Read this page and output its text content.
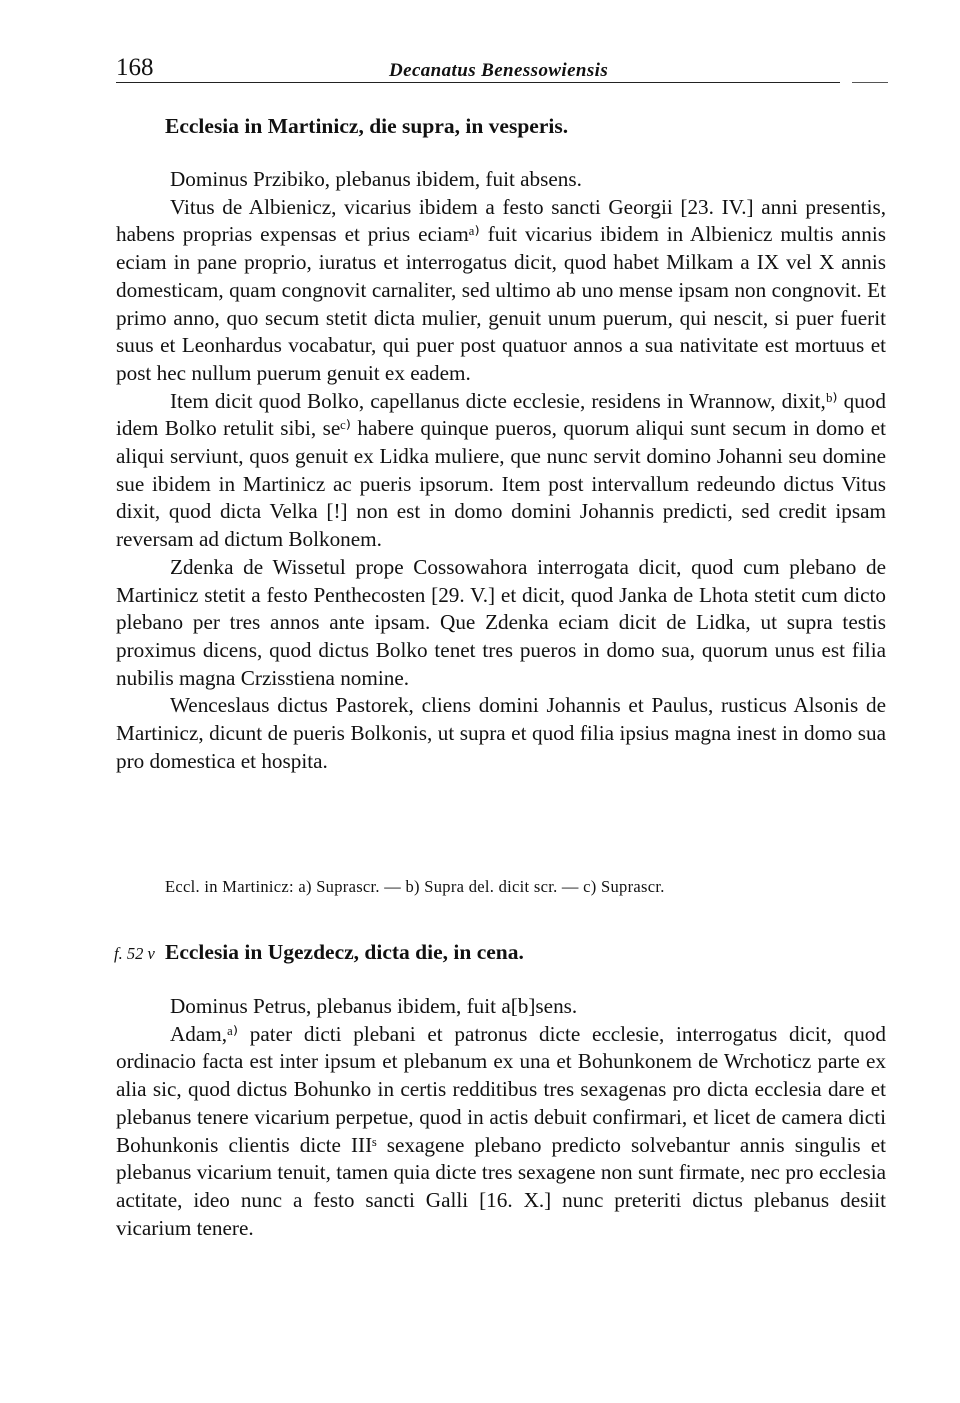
168	Decanatus Benessowiensis
Ecclesia in Martinicz, die supra, in vesperis.

Dominus Przibiko, plebanus ibidem, fuit absens.

Vitus de Albienicz, vicarius ibidem a festo sancti Georgii [23. IV.] anni presentis, habens proprias expensas et prius eciamᵃ⁾ fuit vicarius ibidem in Albienicz multis annis eciam in pane proprio, iuratus et interrogatus dicit, quod habet Milkam a IX vel X annis domesticam, quam congnovit carnaliter, sed ultimo ab uno mense ipsam non congnovit. Et primo anno, quo secum stetit dicta mulier, genuit unum puerum, qui nescit, si puer fuerit suus et Leonhardus vocabatur, qui puer post quatuor annos a sua nativitate est mortuus et post hec nullum puerum genuit ex eadem.

Item dicit quod Bolko, capellanus dicte ecclesie, residens in Wrannow, dixit,ᵇ⁾ quod idem Bolko retulit sibi, seᶜ⁾ habere quinque pueros, quorum aliqui sunt secum in domo et aliqui serviunt, quos genuit ex Lidka muliere, que nunc servit domino Johanni seu domine sue ibidem in Martinicz ac pueris ipsorum. Item post intervallum redeundo dictus Vitus dixit, quod dicta Velka [!] non est in domo domini Johannis predicti, sed credit ipsam reversam ad dictum Bolkonem.

Zdenka de Wissetul prope Cossowahora interrogata dicit, quod cum plebano de Martinicz stetit a festo Penthecosten [29. V.] et dicit, quod Janka de Lhota stetit cum dicto plebano per tres annos ante ipsam. Que Zdenka eciam dicit de Lidka, ut supra testis proximus dicens, quod dictus Bolko tenet tres pueros in domo sua, quorum unus est filia nubilis magna Crzisstiena nomine.

Wenceslaus dictus Pastorek, cliens domini Johannis et Paulus, rusticus Alsonis de Martinicz, dicunt de pueris Bolkonis, ut supra et quod filia ipsius magna inest in domo sua pro domestica et hospita.

Eccl. in Martinicz: a) Suprascr. — b) Supra del. dicit scr. — c) Suprascr.
f. 52 v Ecclesia in Ugezdecz, dicta die, in cena.

Dominus Petrus, plebanus ibidem, fuit a[b]sens.

Adam,ᵃ⁾ pater dicti plebani et patronus dicte ecclesie, interrogatus dicit, quod ordinacio facta est inter ipsum et plebanum ex una et Bohunkonem de Wrchoticz parte ex alia sic, quod dictus Bohunko in certis redditibus tres sexagenas pro dicta ecclesia dare et plebanus tenere vicarium perpetue, quod in actis debuit confirmari, et licet de camera dicti Bohunkonis clientis dicte IIIˢ sexagene plebano predicto solvebantur annis singulis et plebanus vicarium tenuit, tamen quia dicte tres sexagene non sunt firmate, nec pro ecclesia actitate, ideo nunc a festo sancti Galli [16. X.] nunc preteriti dictus plebanus desiit vicarium tenere.
